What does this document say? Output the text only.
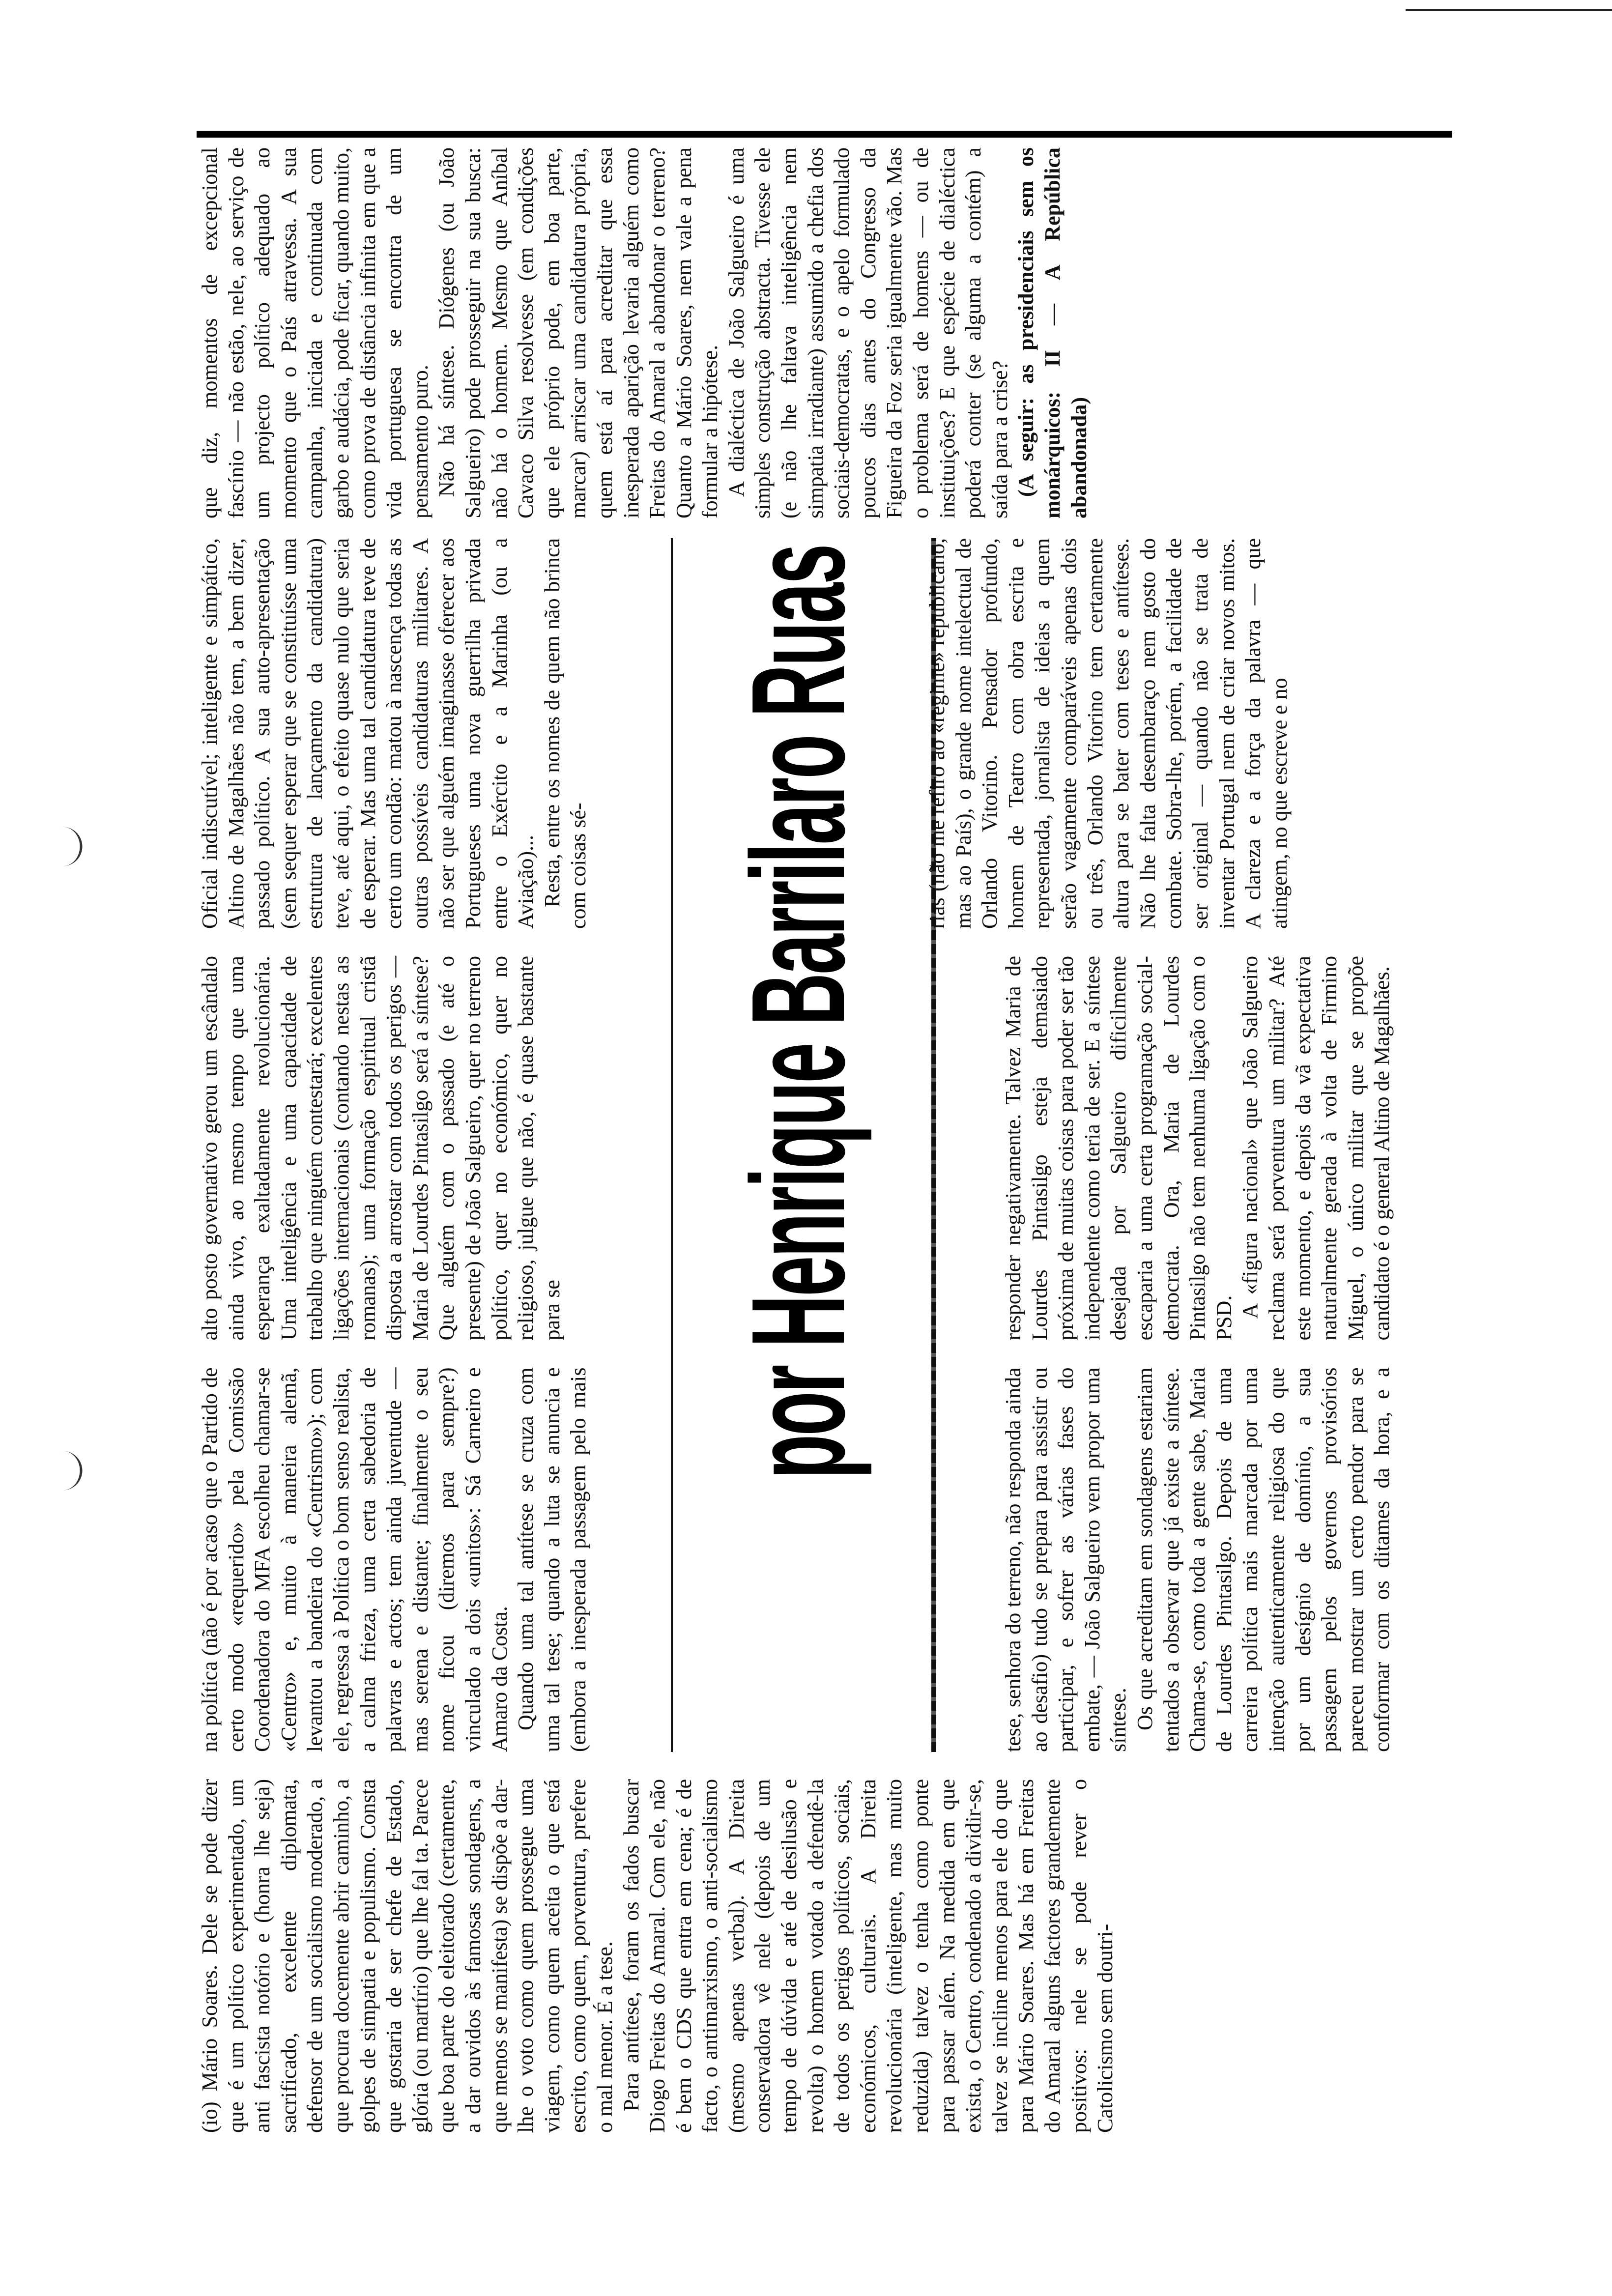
(io) Mário Soares. Dele se pode dizer que é um político experimentado, um anti fascista notório e (honra lhe seja) sacrificado, excelente diplomata, defensor de um socialismo moderado, a que procura docemente abrir caminho, a golpes de simpatia e populismo. Consta que gostaria de ser chefe de Estado, glória (ou martírio) que lhe fal ta. Parece que boa parte do eleitorado (certamente, a dar ouvidos às famosas sondagens, a que menos se manifesta) se dispõe a dar-lhe o voto como quem prossegue uma viagem, como quem aceita o que está escrito, como quem, porventura, prefere o mal menor. É a tese. Para antítese, foram os fados buscar Diogo Freitas do Amaral. Com ele, não é bem o CDS que entra em cena; é de facto, o antimarxismo, o anti-socialismo (mesmo apenas verbal). A Direita conservadora vê nele (depois de um tempo de dúvida e até de desilusão e revolta) o homem votado a defendê-la de todos os perigos políticos, sociais, económicos, culturais. A Direita revolucionária (inteligente, mas muito reduzida) talvez o tenha como ponte para passar além. Na medida em que exista, o Centro, condenado a dividir-se, talvez se incline menos para ele do que para Mário Soares. Mas há em Freitas do Amaral alguns factores grandemente positivos: nele se pode rever o Catolicismo sem doutri-

na política (não é por acaso que o Partido de certo modo «requerido» pela Comissão Coordenadora do MFA escolheu chamar-se «Centro» e, muito à maneira alemã, levantou a bandeira do «Centrismo»); com ele, regressa à Política o bom senso realista, a calma frieza, uma certa sabedoria de palavras e actos; tem ainda juventude — mas serena e distante; finalmente o seu nome ficou (diremos para sempre?) vinculado a dois «unitos»: Sá Carneiro e Amaro da Costa. Quando uma tal antítese se cruza com uma tal tese; quando a luta se anuncia e (embora a inesperada passagem pelo mais alto posto governativo gerou um escândalo ainda vivo, ao mesmo tempo que uma esperança exaltadamente revolucionária. Uma inteligência e uma capacidade de trabalho que ninguém contestará; excelentes ligações internacionais (contando nestas as romanas); uma formação espiritual cristã disposta a arrostar com todos os perigos — Maria de Lourdes Pintasilgo será a síntese? Que alguém com o passado (e até o presente) de João Salgueiro, quer no terreno político, quer no económico, quer no religioso, julgue que não, é quase bastante para se por Henrique Barrilaro Ruas

tese, senhora do terreno, não responda ainda ao desafio) tudo se prepara para assistir ou participar, e sofrer as várias fases do embate, — João Salgueiro vem propor uma síntese. Os que acreditam em sondagens estariam tentados a observar que já existe a síntese. Chama-se, como toda a gente sabe, Maria de Lourdes Pintasilgo. Depois de uma carreira política mais marcada por uma intenção autenticamente religiosa do que por um desígnio de domínio, a sua passagem pelos governos provisórios pareceu mostrar um certo pendor para se conformar com os ditames da hora, e a responder negativamente. Talvez Maria de Lourdes Pintasilgo esteja demasiado próxima de muitas coisas para poder ser tão independente como teria de ser. E a síntese desejada por Salgueiro dificilmente escaparia a uma certa programação social-democrata. Ora, Maria de Lourdes Pintasilgo não tem nenhuma ligação com o PSD. A «figura nacional» que João Salgueiro reclama será porventura um militar? Até este momento, e depois da vã expectativa naturalmente gerada à volta de Firmino Miguel, o único militar que se propõe candidato é o general Altino de Magalhães.

Oficial indiscutível; inteligente e simpático, Altino de Magalhães não tem, a bem dizer, passado político. A sua auto-apresentação (sem sequer esperar que se constituísse uma estrutura de lançamento da candidatura) teve, até aqui, o efeito quase nulo que seria de esperar. Mas uma tal candidatura teve de certo um condão: matou à nascença todas as outras possíveis candidaturas militares. A não ser que alguém imaginasse oferecer aos Portugueses uma nova guerrilha privada entre o Exército e a Marinha (ou a Aviação)... Resta, entre os nomes de quem não brinca com coisas sé-	rias (não me refiro ao «regime» republicano, mas ao País), o grande nome intelectual de Orlando Vitorino. Pensador profundo, homem de Teatro com obra escrita e representada, jornalista de ideias a quem serão vagamente comparáveis apenas dois ou três, Orlando Vitorino tem certamente altura para se bater com teses e antíteses. Não lhe falta desembaraço nem gosto do combate. Sobra-lhe, porém, a facilidade de ser original — quando não se trata de inventar Portugal nem de criar novos mitos. A clareza e a força da palavra — que atingem, no que escreve e no

que diz, momentos de excepcional fascínio — não estão, nele, ao serviço de um projecto político adequado ao momento que o País atravessa. A sua campanha, iniciada e continuada com garbo e audácia, pode ficar, quando muito, como prova de distância infinita em que a vida portuguesa se encontra de um pensamento puro. Não há síntese. Diógenes (ou João Salgueiro) pode prosseguir na sua busca: não há o homem. Mesmo que Aníbal Cavaco Silva resolvesse (em condições que ele próprio pode, em boa parte, marcar) arriscar uma candidatura própria, quem está aí para acreditar que essa inesperada aparição levaria alguém como Freitas do Amaral a abandonar o terreno? Quanto a Mário Soares, nem vale a pena formular a hipótese. A dialéctica de João Salgueiro é uma simples construção abstracta. Tivesse ele (e não lhe faltava inteligência nem simpatia irradiante) assumido a chefia dos sociais-democratas, e o apelo formulado poucos dias antes do Congresso da Figueira da Foz seria igualmente vão. Mas o problema será de homens — ou de instituições? E que espécie de dialéctica poderá conter (se alguma a contém) a saída para a crise? (A seguir: as presidenciais sem os monárquicos: II — A República abandonada)
